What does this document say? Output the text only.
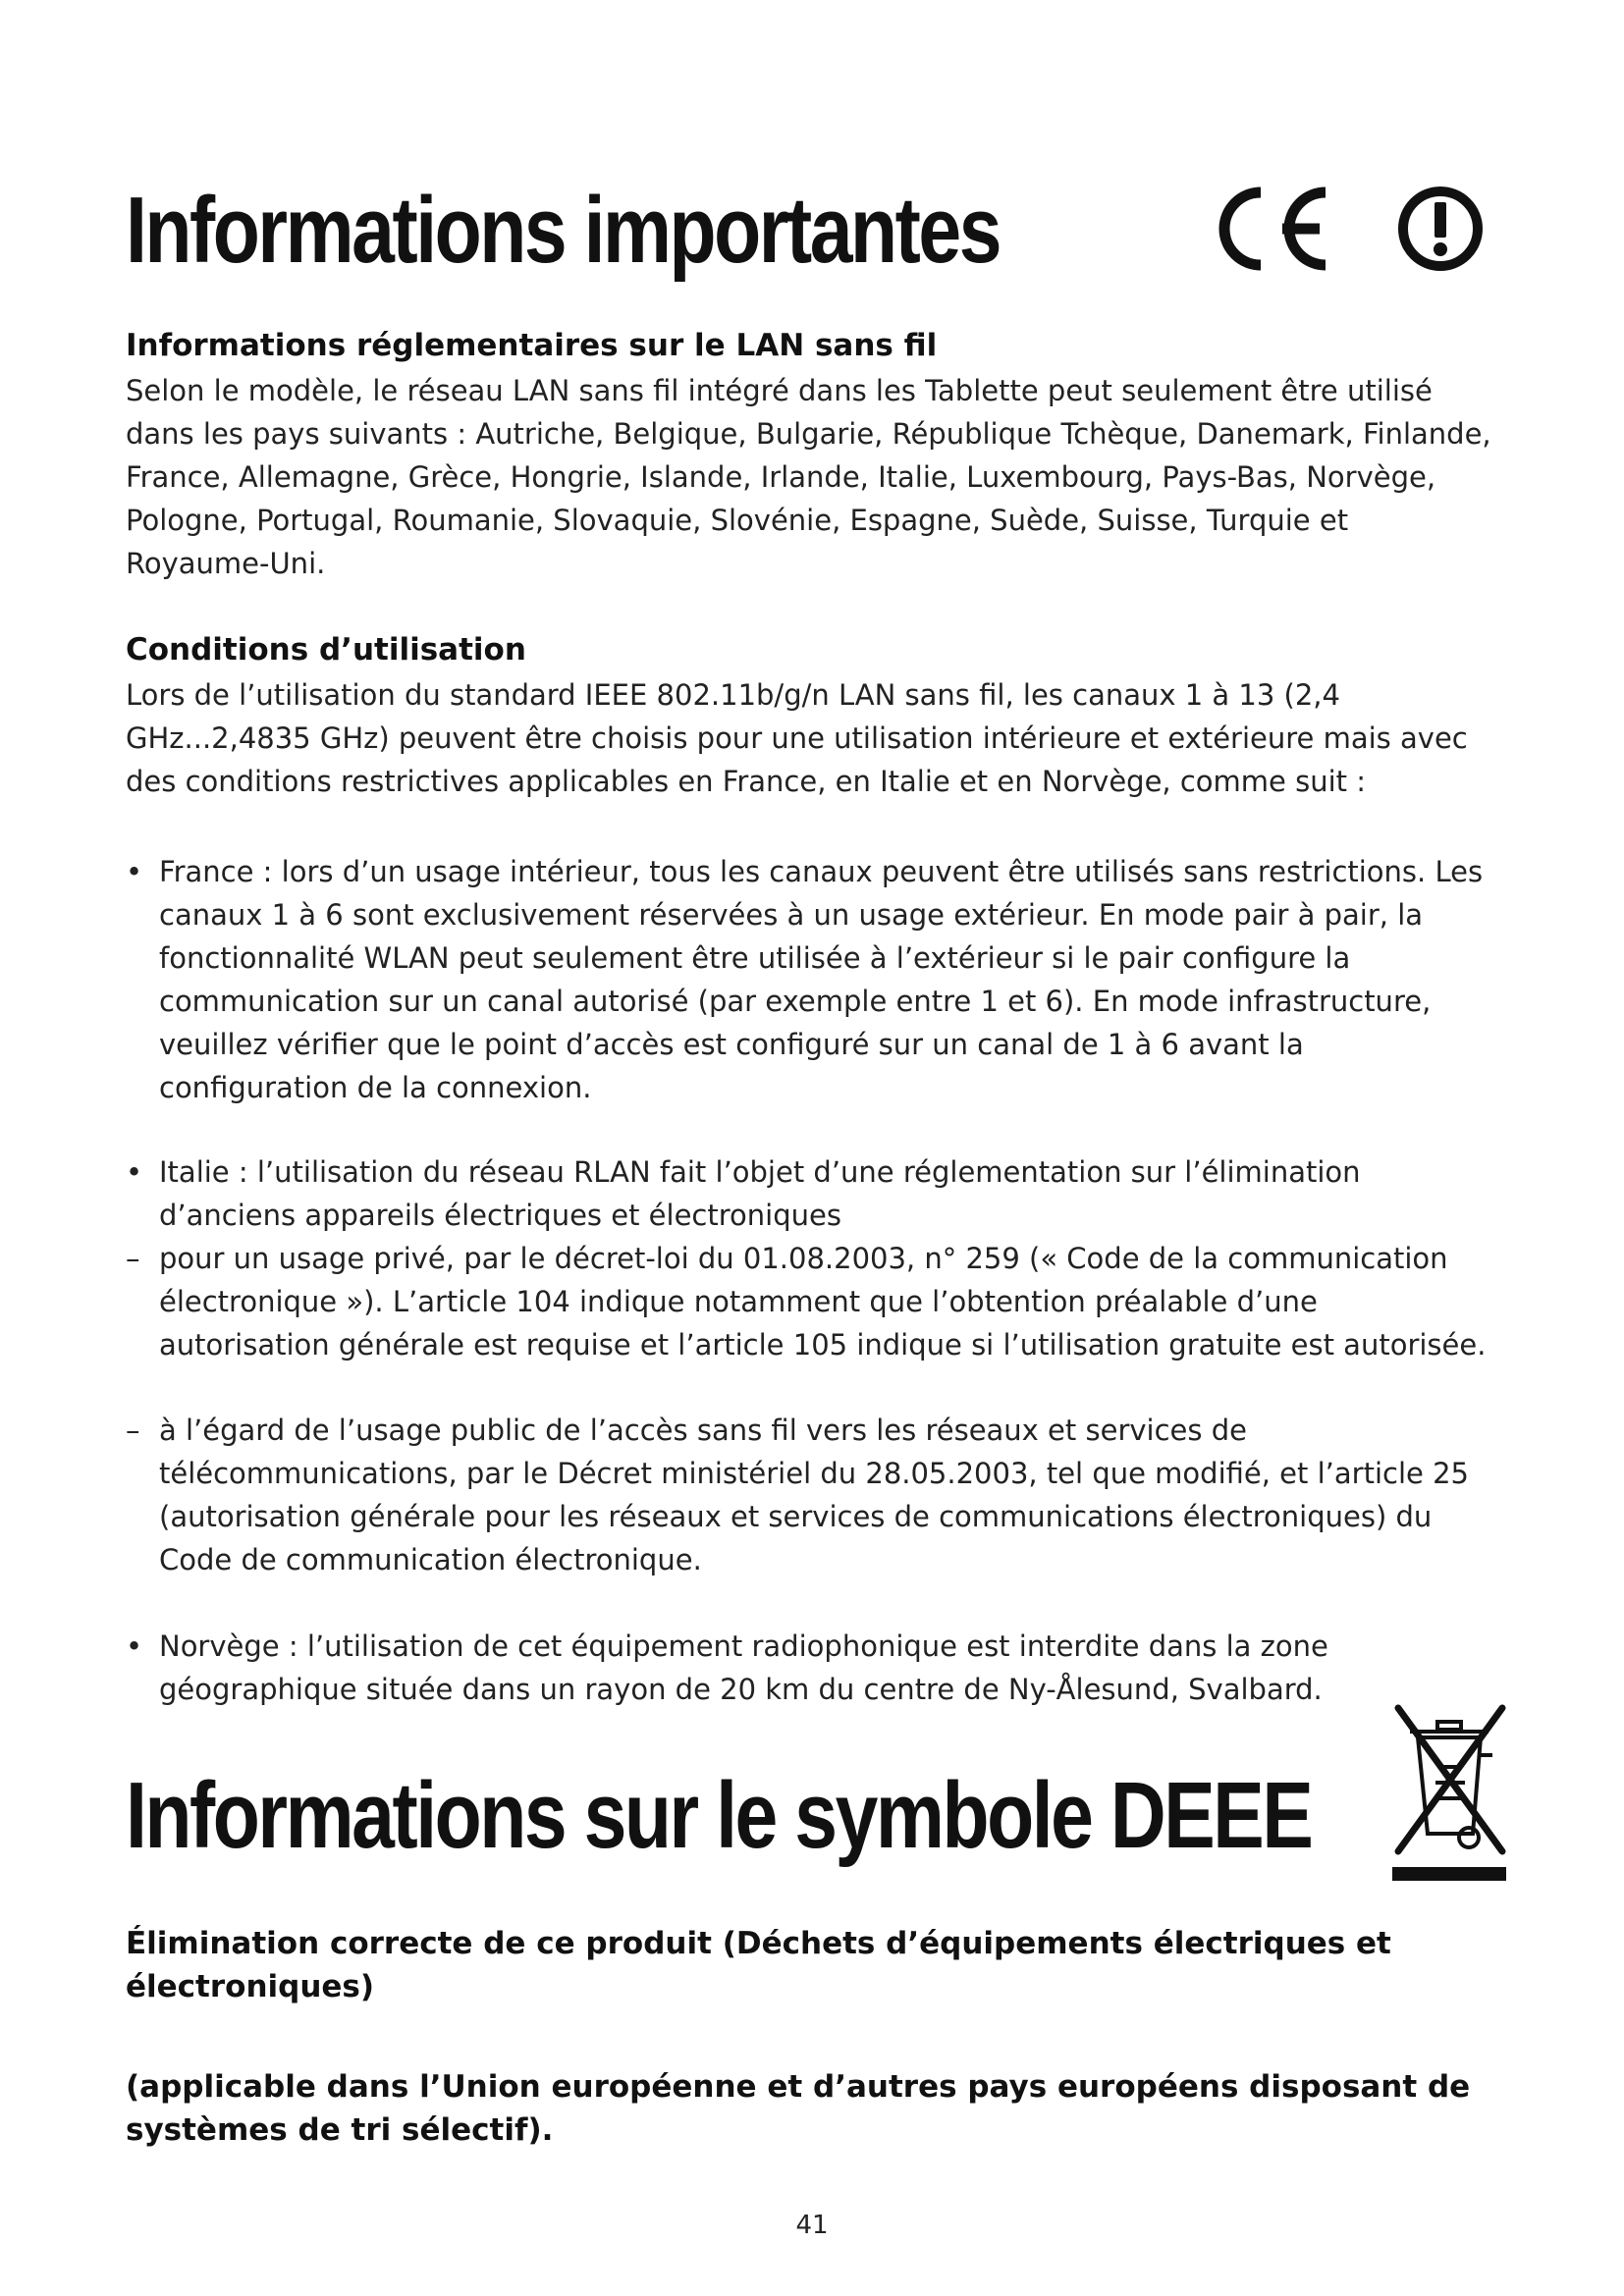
Informations importantes
Informations réglementaires sur le LAN sans fil

Selon le modèle, le réseau LAN sans fil intégré dans les Tablette peut seulement être utilisé dans les pays suivants : Autriche, Belgique, Bulgarie, République Tchèque, Danemark, Finlande, France, Allemagne, Grèce, Hongrie, Islande, Irlande, Italie, Luxembourg, Pays-Bas, Norvège, Pologne, Portugal, Roumanie, Slovaquie, Slovénie, Espagne, Suède, Suisse, Turquie et Royaume-Uni.

Conditions d’utilisation

Lors de l’utilisation du standard IEEE 802.11b/g/n LAN sans fil, les canaux 1 à 13 (2,4 GHz...2,4835 GHz) peuvent être choisis pour une utilisation intérieure et extérieure mais avec des conditions restrictives applicables en France, en Italie et en Norvège, comme suit :

• France : lors d’un usage intérieur, tous les canaux peuvent être utilisés sans restrictions. Les canaux 1 à 6 sont exclusivement réservées à un usage extérieur. En mode pair à pair, la fonctionnalité WLAN peut seulement être utilisée à l’extérieur si le pair configure la communication sur un canal autorisé (par exemple entre 1 et 6). En mode infrastructure, veuillez vérifier que le point d’accès est configuré sur un canal de 1 à 6 avant la configuration de la connexion.
• Italie : l’utilisation du réseau RLAN fait l’objet d’une réglementation sur l’élimination d’anciens appareils électriques et électroniques
– pour un usage privé, par le décret-loi du 01.08.2003, n° 259 (« Code de la communication électronique »). L’article 104 indique notamment que l’obtention préalable d’une autorisation générale est requise et l’article 105 indique si l’utilisation gratuite est autorisée.
– à l’égard de l’usage public de l’accès sans fil vers les réseaux et services de télécommunications, par le Décret ministériel du 28.05.2003, tel que modifié, et l’article 25 (autorisation générale pour les réseaux et services de communications électroniques) du Code de communication électronique.
• Norvège : l’utilisation de cet équipement radiophonique est interdite dans la zone géographique située dans un rayon de 20 km du centre de Ny-Ålesund, Svalbard.
Informations sur le symbole DEEE
Élimination correcte de ce produit (Déchets d’équipements électriques et électroniques)
(applicable dans l’Union européenne et d’autres pays européens disposant de systèmes de tri sélectif).
41
